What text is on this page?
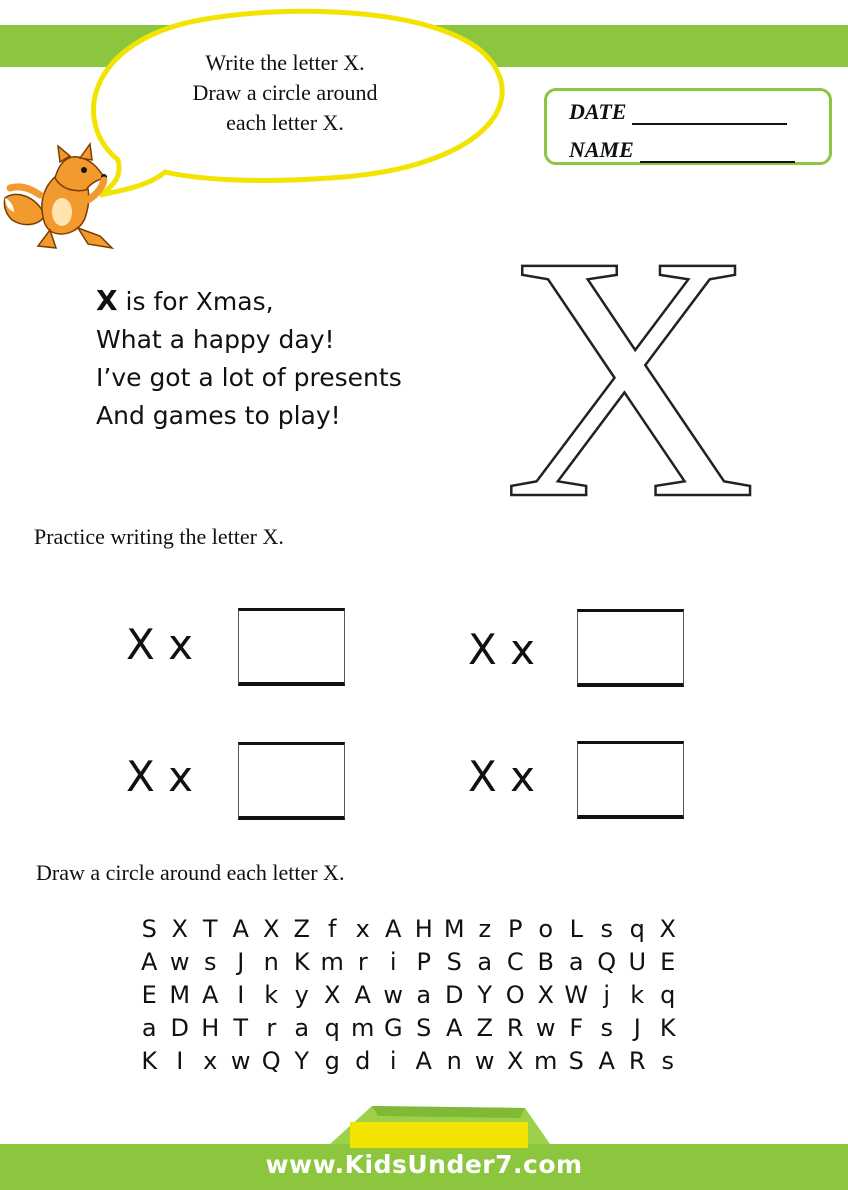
Write the letter X.
Draw a circle around
each letter X.	DATE
NAME
X is for Xmas,
What a happy day!
I’ve got a lot of presents
And games to play! X
Practice writing the letter X.
X x	X x
X x	X x
Draw a circle around each letter X.
S X T A X Z f x A H M z P o L s q X
A w s J n K m r i P S a C B a Q U E
E M A I k y X A w a D Y O X W j k q
a D H T r a q m G S A Z R w F s J K
K I x w Q Y g d i A n w X m S A R s
www.KidsUnder7.com
